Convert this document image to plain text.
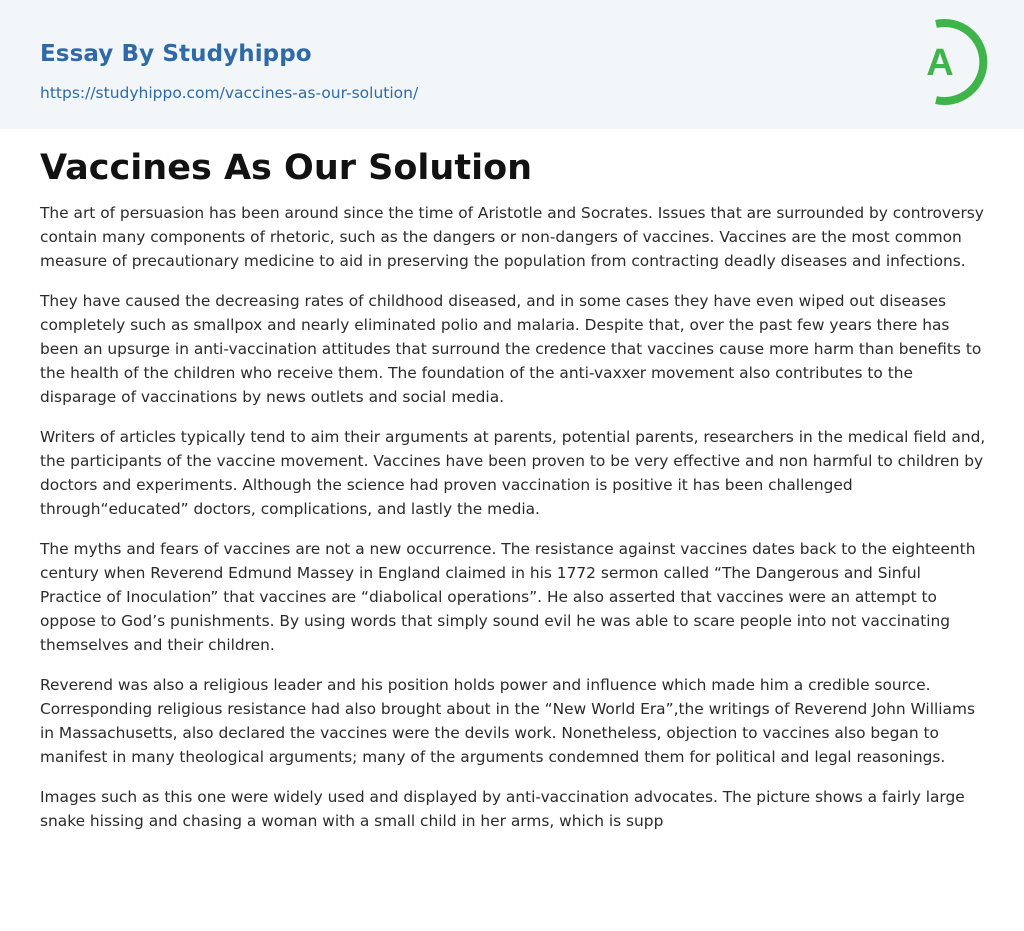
Essay By Studyhippo
https://studyhippo.com/vaccines-as-our-solution/
A
Vaccines As Our Solution

The art of persuasion has been around since the time of Aristotle and Socrates. Issues that are surrounded by controversy contain many components of rhetoric, such as the dangers or non-dangers of vaccines. Vaccines are the most common measure of precautionary medicine to aid in preserving the population from contracting deadly diseases and infections.

They have caused the decreasing rates of childhood diseased, and in some cases they have even wiped out diseases completely such as smallpox and nearly eliminated polio and malaria. Despite that, over the past few years there has been an upsurge in anti-vaccination attitudes that surround the credence that vaccines cause more harm than benefits to the health of the children who receive them. The foundation of the anti-vaxxer movement also contributes to the disparage of vaccinations by news outlets and social media.

Writers of articles typically tend to aim their arguments at parents, potential parents, researchers in the medical field and, the participants of the vaccine movement. Vaccines have been proven to be very effective and non harmful to children by doctors and experiments. Although the science had proven vaccination is positive it has been challenged through“educated” doctors, complications, and lastly the media.

The myths and fears of vaccines are not a new occurrence. The resistance against vaccines dates back to the eighteenth century when Reverend Edmund Massey in England claimed in his 1772 sermon called “The Dangerous and Sinful Practice of Inoculation” that vaccines are “diabolical operations”. He also asserted that vaccines were an attempt to oppose to God’s punishments. By using words that simply sound evil he was able to scare people into not vaccinating themselves and their children.

Reverend was also a religious leader and his position holds power and influence which made him a credible source. Corresponding religious resistance had also brought about in the “New World Era”,the writings of Reverend John Williams in Massachusetts, also declared the vaccines were the devils work. Nonetheless, objection to vaccines also began to manifest in many theological arguments; many of the arguments condemned them for political and legal reasonings.

Images such as this one were widely used and displayed by anti-vaccination advocates. The picture shows a fairly large snake hissing and chasing a woman with a small child in her arms, which is supp
